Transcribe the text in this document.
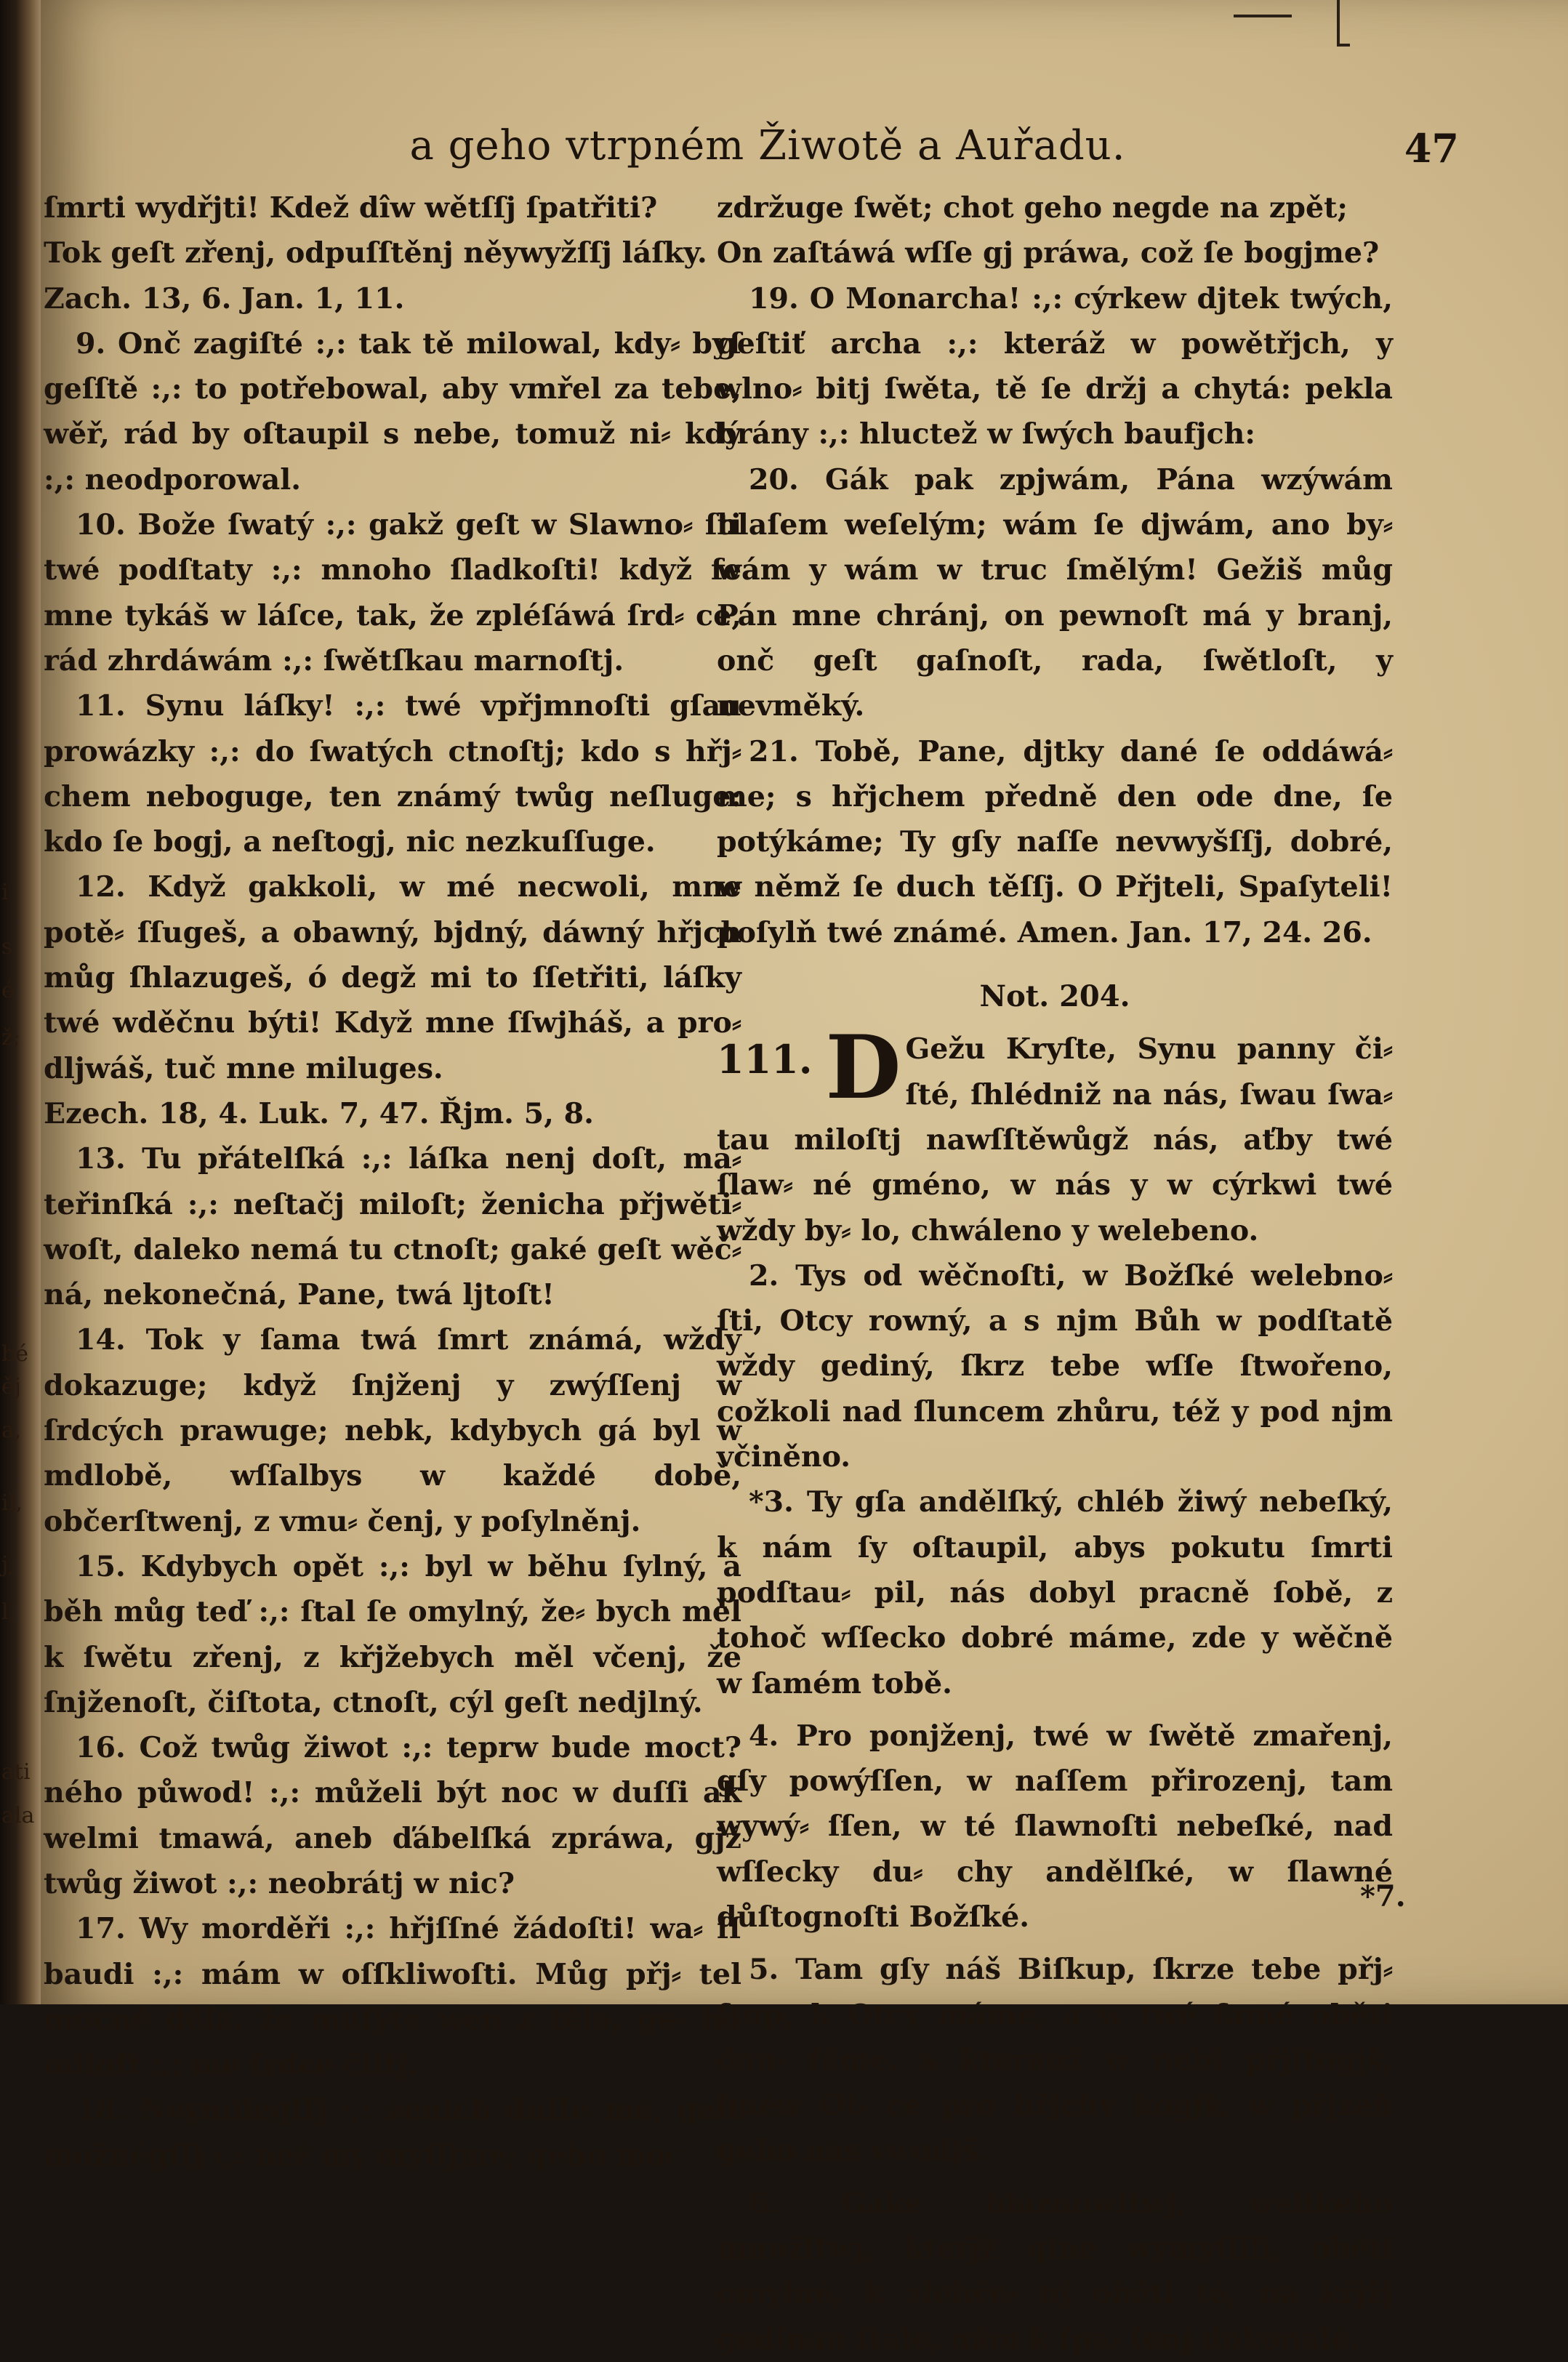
i
s
é
ž;
bé
ěj
a,
il,
j;
l;
ati
ala
a geho vtrpném Žiwotě a Auřadu.	47

ſmrti wydřjti! Kdež dîw wětſſj ſpatřiti?

Tok geſt zřenj, odpuſſtěnj něywyžſſj láſky.

Zach. 13, 6. Jan. 1, 11.

9. Onč zagiſté :,: tak tě milowal, kdy⸗ byſ geſſtě :,: to potřebowal, aby vmřel za tebe, wěř, rád by oſtaupil s nebe, tomuž ni⸗ kdý :,: neodporowal.

10. Bože ſwatý :,: gakž geſt w Slawno⸗ ſti twé podſtaty :,: mnoho ſladkoſti! když ſe mne tykáš w láſce, tak, že zpléſáwá ſrd⸗ ce, rád zhrdáwám :,: ſwětſkau marnoſtj.

11. Synu láſky! :,: twé vpřjmnoſti gſau prowázky :,: do ſwatých ctnoſtj; kdo s hřj⸗ chem neboguge, ten známý twůg neſluge: kdo ſe bogj, a neſtogj, nic nezkuſſuge.

12. Když gakkoli, w mé necwoli, mne potě⸗ ſſugeš, a obawný, bjdný, dáwný hřjch můg ſhlazugeš, ó degž mi to ſſetřiti, láſky twé wděčnu býti! Když mne ſſwjháš, a pro⸗ dljwáš, tuč mne miluges.

Ezech. 18, 4. Luk. 7, 47. Řjm. 5, 8.

13. Tu přátelſká :,: láſka nenj doſt, ma⸗ teřinſká :,: neſtačj miloſt; ženicha přjwěti⸗ woſt, daleko nemá tu ctnoſt; gaké geſt wěč⸗ ná, nekonečná, Pane, twá ljtoſt!

14. Tok y ſama twá ſmrt známá, wždy dokazuge; když ſnjženj y zwýſſenj w ſrdcých prawuge; nebk, kdybych gá byl w mdlobě, wſſalbys w každé době, občerſtwenj, z vmu⸗ čenj, y poſylněnj.

15. Kdybych opět :,: byl w běhu ſylný, a běh můg teď :,: ſtal ſe omylný, že⸗ bych měl k ſwětu zřenj, z křjžebych měl včenj, že ſnjženoſt, čiſtota, ctnoſt, cýl geſt nedjlný.

16. Což twůg žiwot :,: teprw bude moct? ného půwod! :,: můželi být noc w duſſi ak welmi tmawá, aneb ďábelſká zpráwa, gjž twůg žiwot :,: neobrátj w nic?

17. Wy morděři :,: hřjſſné žádoſti! wa⸗ ſſ baudi :,: mám w oſſkliwoſti. Můg přj⸗ tel mocně dělá, že muſýte wen z těla, ge⸗ ho miloſt :,: mé ſrdce čiſtj.

18. Neymilegſſj :,: ženich duſſe mé, geſt možnégſſj :,: než my myſljme; geho moc

zdržuge ſwět; chot geho negde na zpět;

On zaſtáwá wſſe gj práwa, což ſe bogjme?

19. O Monarcha! :,: cýrkew djtek twých, geſtiť archa :,: kteráž w powětřjch, y wlno⸗ bitj ſwěta, tě ſe držj a chytá: pekla brány :,: hluctež w ſwých baufjch:

20. Gák pak zpjwám, Pána wzýwám hlaſem weſelým; wám ſe djwám, ano by⸗ wám y wám w truc ſmělým! Gežiš můg Pán mne chránj, on pewnoſt má y branj, onč geſt gaſnoſt, rada, ſwětloſt, y nevměký.

21. Tobě, Pane, djtky dané ſe oddáwá⸗ me; s hřjchem předně den ode dne, ſe potýkáme; Ty gſy naſſe nevwyšſſj, dobré, w němž ſe duch těſſj. O Přjteli, Spaſyteli! poſylň twé známé. Amen. Jan. 17, 24. 26.

Not. 204.
111. D Gežu Kryſte, Synu panny či⸗ ſté, ſhlédniž na nás, ſwau ſwa⸗ tau miloſtj nawſſtěwůgž nás, aťby twé ſlaw⸗ né gméno, w nás y w cýrkwi twé wždy by⸗ lo, chwáleno y welebeno.

2. Tys od wěčnoſti, w Božſké welebno⸗ ſti, Otcy rowný, a s njm Bůh w podſtatě wždy gediný, ſkrz tebe wſſe ſtwořeno, cožkoli nad ſluncem zhůru, též y pod njm včiněno.

*3. Ty gſa andělſký, chléb žiwý nebeſký, k nám ſy oſtaupil, abys pokutu ſmrti podſtau⸗ pil, nás dobyl pracně ſobě, z tohoč wſſecko dobré máme, zde y wěčně w ſamém tobě.

4. Pro ponjženj, twé w ſwětě zmařenj, gſy powýſſen, w naſſem přirozenj, tam wywý⸗ ſſen, w té ſlawnoſti nebeſké, nad wſſecky du⸗ chy andělſké, w ſlawné důſtognoſti Božſké.

5. Tam gſy náš Biſkup, ſkrze tebe přj⸗ ſtup, k Otcy máme, a w twé ſamé oběti dau⸗ fáme, s kterauž w nebi přjſtogjš, hněw Ot⸗ ce pro hřjchy kogjš, w přjzeň geho nás vwodjš.

6. Gaké bláznowſtwj, welikého množſtwj, kteřjž giné wymyſlili, oběti omylné, k zlehče⸗ nj oběti té, na křjžj gedinau ſtale, nám k ſpa⸗ ſenj dokonalé.

*7.
